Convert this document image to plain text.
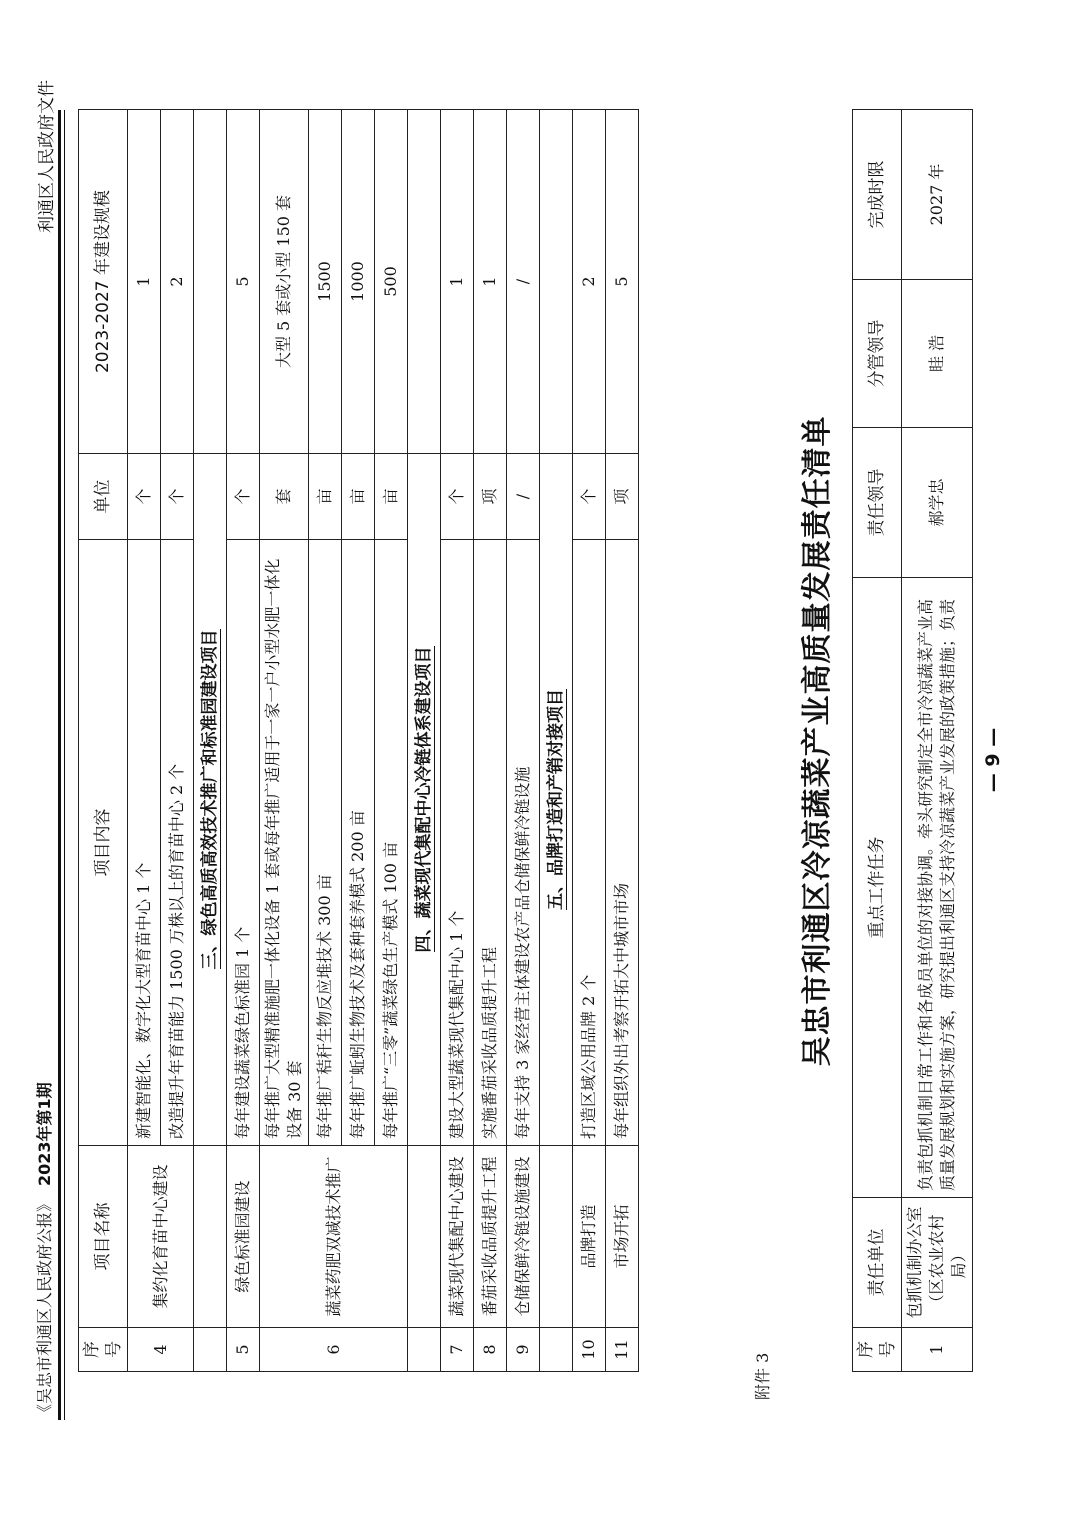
《吴忠市利通区人民政府公报》2023年第1期
利通区人民政府文件
序号	项目名称	项目内容	单位	2023-2027 年建设规模
4	集约化育苗中心建设	新建智能化、数字化大型育苗中心 1 个	个	1
		改造提升年育苗能力 1500 万株以上的育苗中心 2 个	个	2
		三、绿色高质高效技术推广和标准园建设项目		
5	绿色标准园建设	每年建设蔬菜绿色标准园 1 个	个	5
6	蔬菜药肥双减技术推广	每年推广大型精准施肥一体化设备 1 套或每年推广适用于一家一户小型水肥一体化设备 30 套	套	大型 5 套或小型 150 套
		每年推广秸秆生物反应堆技术 300 亩	亩	1500
		每年推广蚯蚓生物技术及套种套养模式 200 亩	亩	1000
		每年推广“三零”蔬菜绿色生产模式 100 亩	亩	500
		四、蔬菜现代集配中心冷链体系建设项目		
7	蔬菜现代集配中心建设	建设大型蔬菜现代集配中心 1 个	个	1
8	番茄采收品质提升工程	实施番茄采收品质提升工程	项	1
9	仓储保鲜冷链设施建设	每年支持 3 家经营主体建设农产品仓储保鲜冷链设施	/	/
		五、品牌打造和产销对接项目		
10	品牌打造	打造区域公用品牌 2 个	个	2
11	市场开拓	每年组织外出考察开拓大中城市市场	项	5
附件 3
吴忠市利通区冷凉蔬菜产业高质量发展责任清单
序号	责任单位	重点工作任务	责任领导	分管领导	完成时限
1	包抓机制办公室（区农业农村局）	负责包抓机制日常工作和各成员单位的对接协调。牵头研究制定全市冷凉蔬菜产业高质量发展规划和实施方案，研究提出利通区支持冷凉蔬菜产业发展的政策措施；负责	郝学忠	眭 浩	2027 年
— 9 —
